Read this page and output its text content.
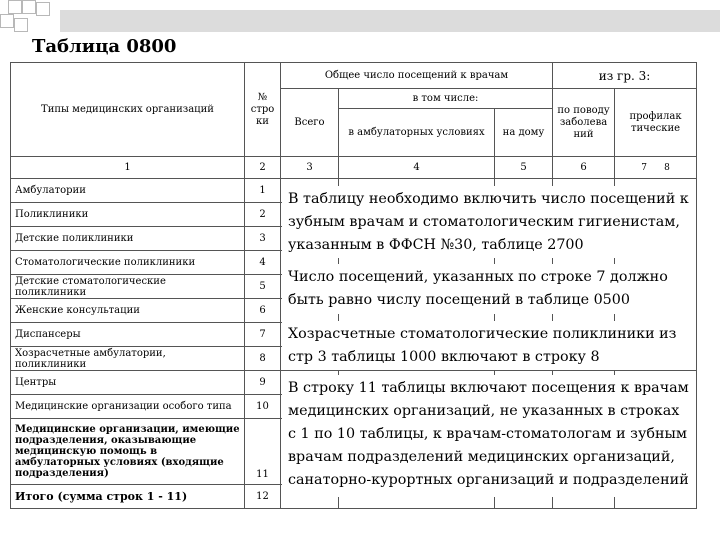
Таблица 0800
Типы медицинских организаций	№ стро ки	Общее число посещений к врачам			из гр. 3:	
		Всего	в том числе:		по поводу заболева ний	профилак тические
			в амбулаторных условиях	на дому		
1	2	3	4	5	6	7 8
Амбулатории	1					
Поликлиники	2					
Детские поликлиники	3					
Стоматологические поликлиники	4					
Детские стоматологические поликлиники	5					
Женские консультации	6					
Диспансеры	7					
Хозрасчетные амбулатории, поликлиники	8					
Центры	9					
Медицинские организации особого типа	10					
Медицинские организации, имеющие подразделения, оказывающие медицинскую помощь в амбулаторных условиях (входящие подразделения)	11					
Итого (сумма строк 1 - 11)	12					
В таблицу необходимо включить число посещений к зубным врачам и стоматологическим гигиенистам, указанным в ФФСН №30, таблице 2700
Число посещений, указанных по строке 7 должно быть равно числу посещений в таблице 0500
Хозрасчетные стоматологические поликлиники из стр 3 таблицы 1000 включают в строку 8
В строку 11 таблицы включают посещения к врачам медицинских организаций, не указанных в строках с 1 по 10 таблицы, к врачам-стоматологам и зубным врачам подразделений медицинских организаций, санаторно-курортных организаций и подразделений
